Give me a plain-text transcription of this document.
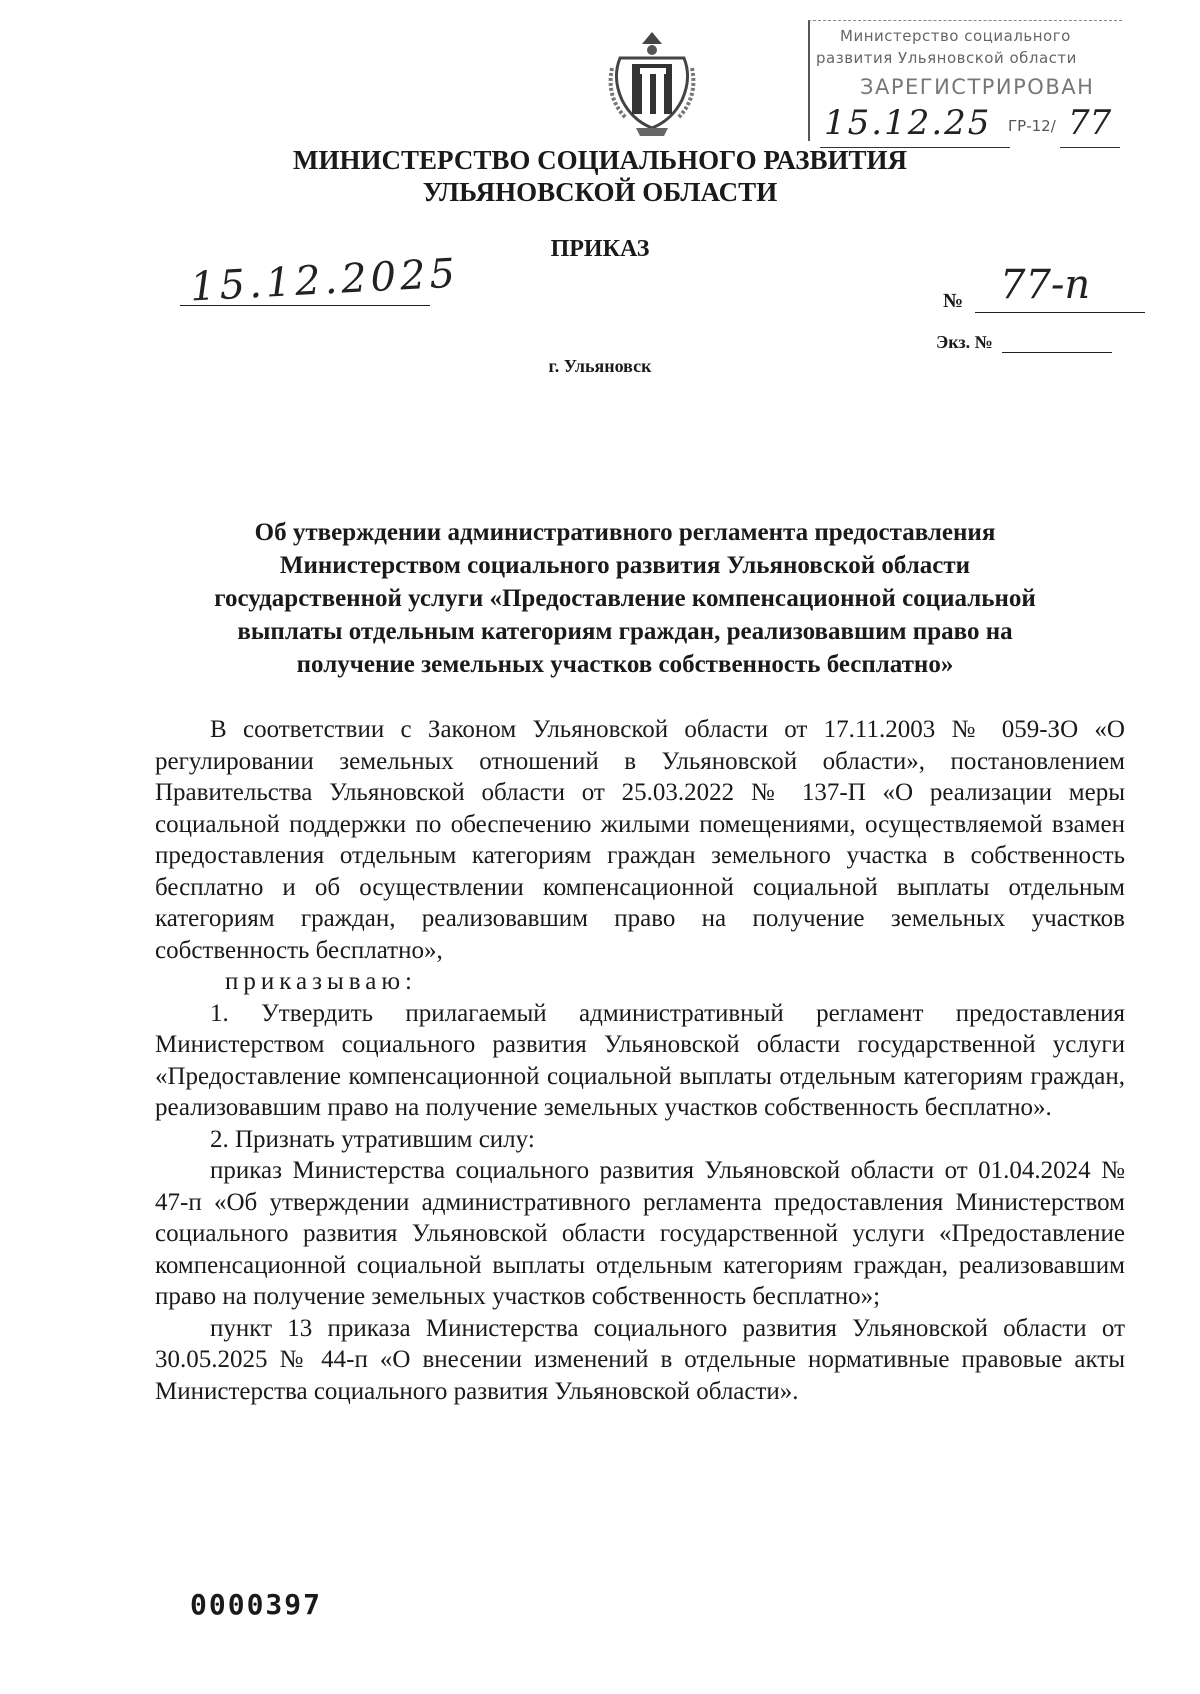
Министерство социального
развития Ульяновской области
ЗАРЕГИСТРИРОВАН
15.12.25 ГР-12/ 77
МИНИСТЕРСТВО СОЦИАЛЬНОГО РАЗВИТИЯ
УЛЬЯНОВСКОЙ ОБЛАСТИ
ПРИКАЗ
15.12.2025	№ 77-п
Экз. №
г. Ульяновск
Об утверждении административного регламента предоставления
Министерством социального развития Ульяновской области
государственной услуги «Предоставление компенсационной социальной
выплаты отдельным категориям граждан, реализовавшим право на
получение земельных участков собственность бесплатно»

В соответствии с Законом Ульяновской области от 17.11.2003 № 059-ЗО «О регулировании земельных отношений в Ульяновской области», постановлением Правительства Ульяновской области от 25.03.2022 № 137-П «О реализации меры социальной поддержки по обеспечению жилыми помещениями, осуществляемой взамен предоставления отдельным категориям граждан земельного участка в собственность бесплатно и об осуществлении компенсационной социальной выплаты отдельным категориям граждан, реализовавшим право на получение земельных участков собственность бесплатно»,

приказываю:

1. Утвердить прилагаемый административный регламент предоставления Министерством социального развития Ульяновской области государственной услуги «Предоставление компенсационной социальной выплаты отдельным категориям граждан, реализовавшим право на получение земельных участков собственность бесплатно».

2. Признать утратившим силу:

приказ Министерства социального развития Ульяновской области от 01.04.2024 № 47-п «Об утверждении административного регламента предоставления Министерством социального развития Ульяновской области государственной услуги «Предоставление компенсационной социальной выплаты отдельным категориям граждан, реализовавшим право на получение земельных участков собственность бесплатно»;

пункт 13 приказа Министерства социального развития Ульяновской области от 30.05.2025 № 44-п «О внесении изменений в отдельные нормативные правовые акты Министерства социального развития Ульяновской области».

0000397
